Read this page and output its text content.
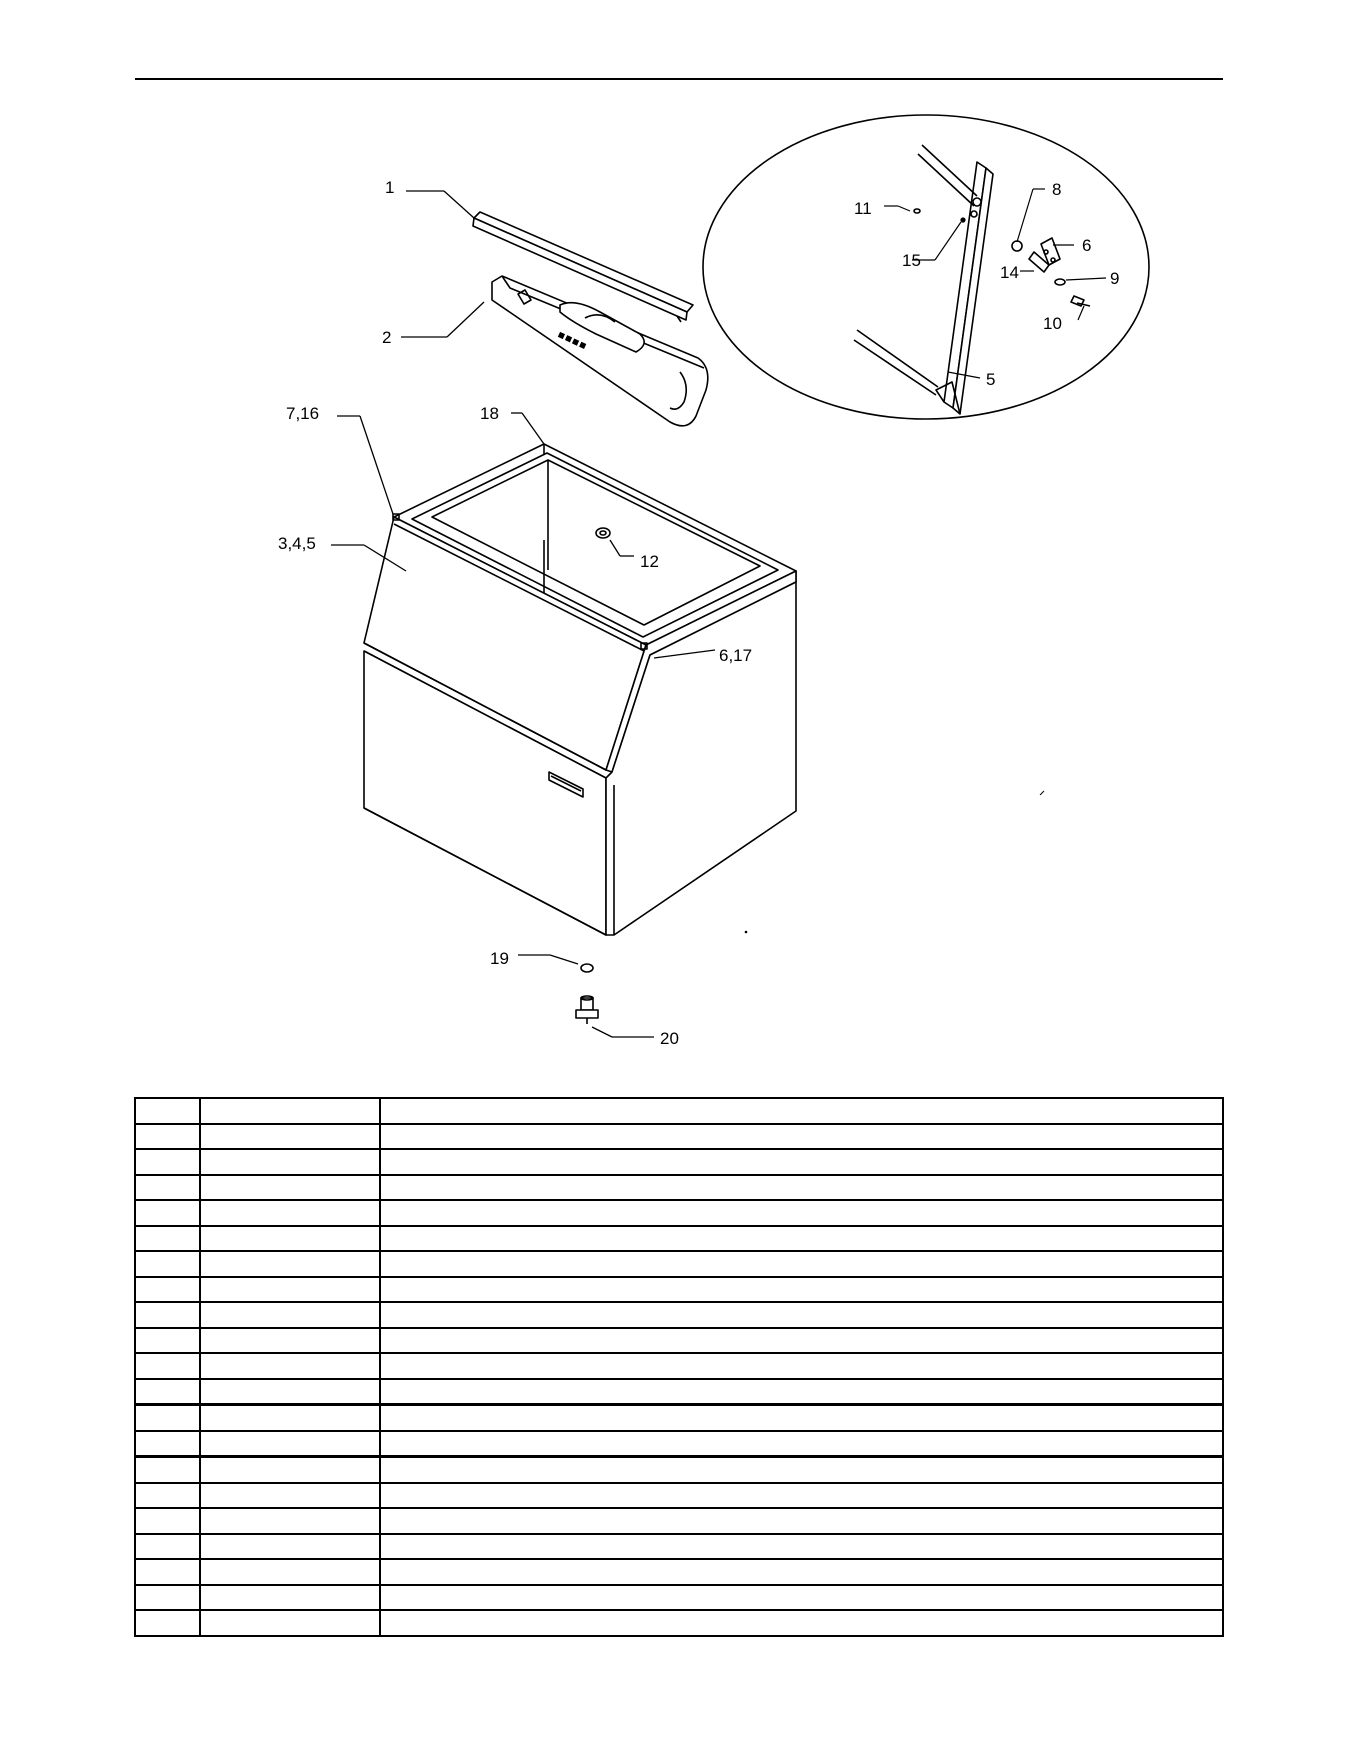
▪▪▪▪
1
2
3,4,5
7,16	18
12
6,17
19
20
11
15
8
6
14	9
10
5
